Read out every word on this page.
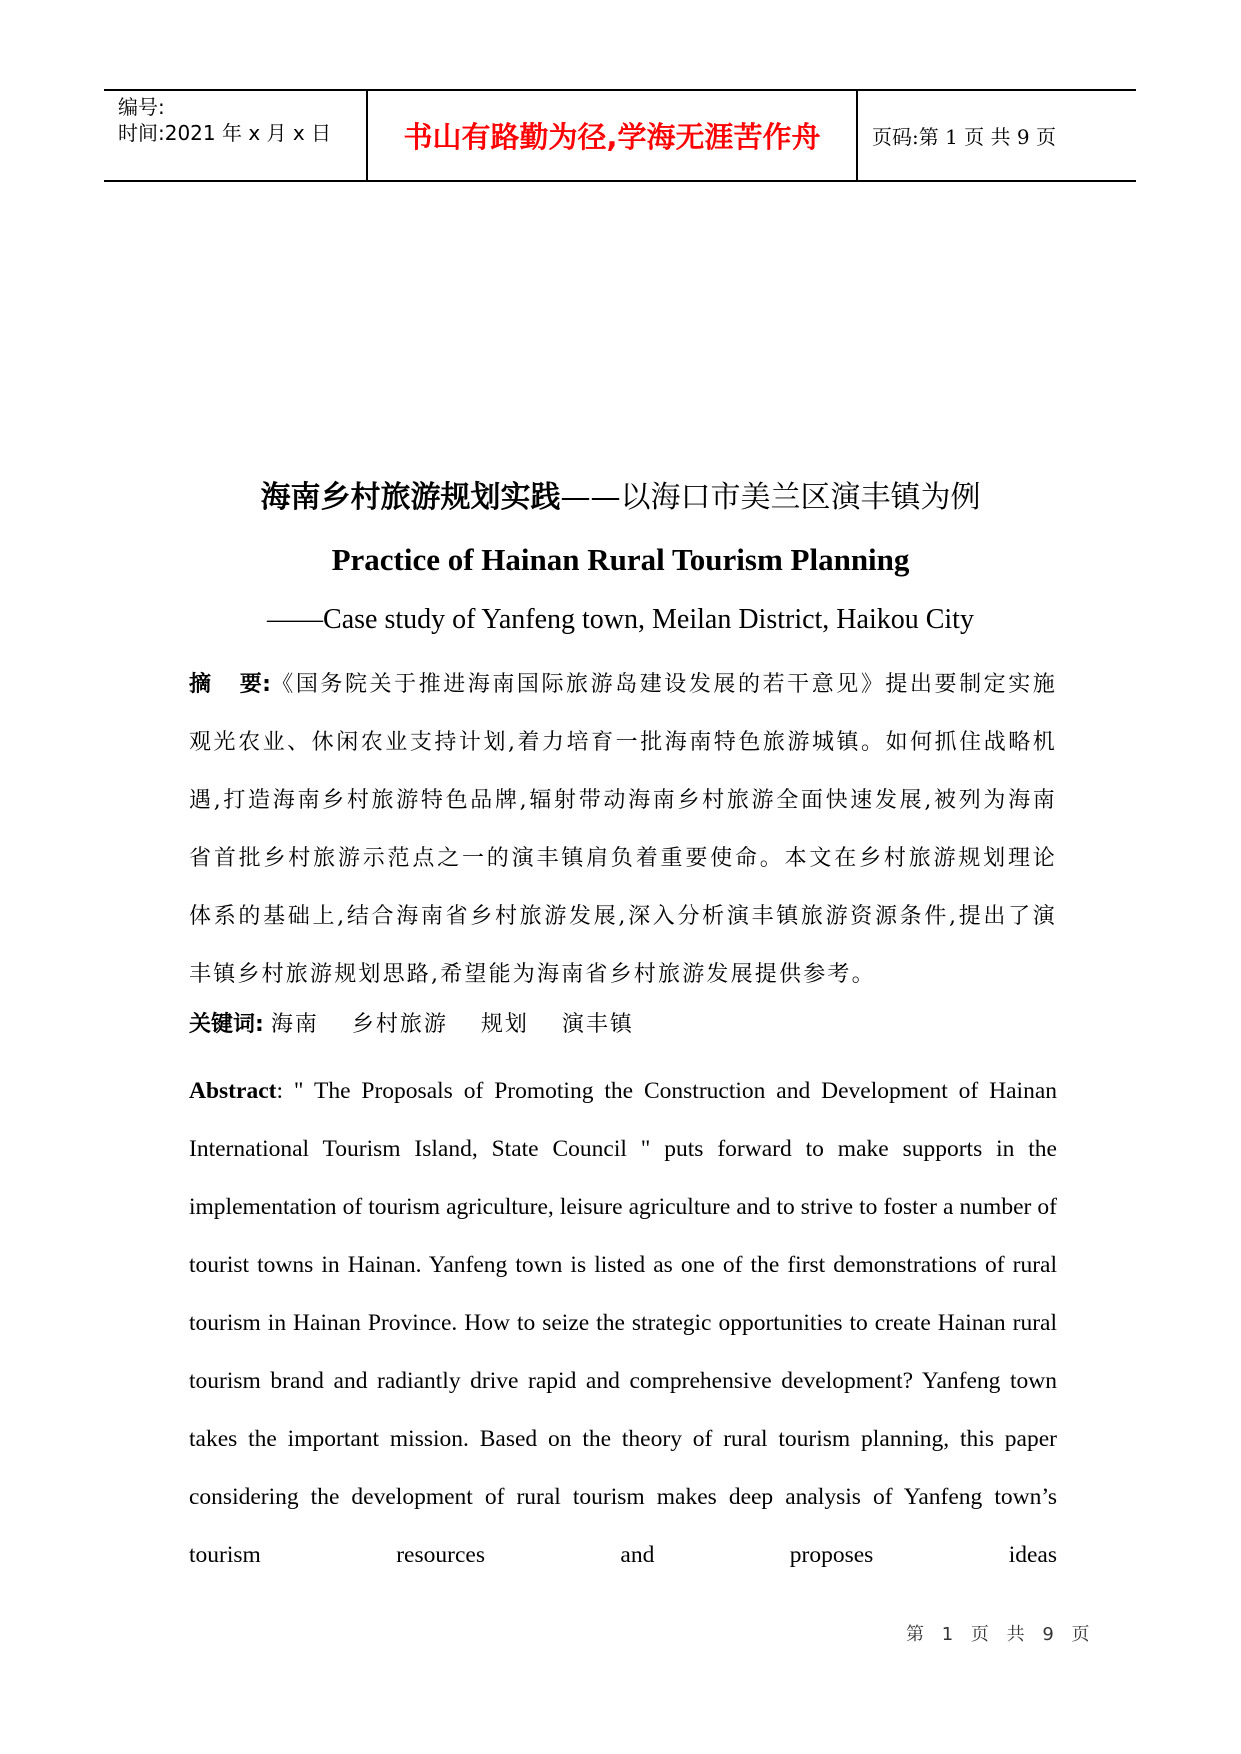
编号:
时间:2021 年 x 月 x 日 书山有路勤为径,学海无涯苦作舟	页码:第 1 页 共 9 页
海南乡村旅游规划实践——以海口市美兰区演丰镇为例
Practice of Hainan Rural Tourism Planning
——Case study of Yanfeng town, Meilan District, Haikou City
摘 要:《国务院关于推进海南国际旅游岛建设发展的若干意见》提出要制定实施观光农业、休闲农业支持计划,着力培育一批海南特色旅游城镇。如何抓住战略机遇,打造海南乡村旅游特色品牌,辐射带动海南乡村旅游全面快速发展,被列为海南省首批乡村旅游示范点之一的演丰镇肩负着重要使命。本文在乡村旅游规划理论体系的基础上,结合海南省乡村旅游发展,深入分析演丰镇旅游资源条件,提出了演丰镇乡村旅游规划思路,希望能为海南省乡村旅游发展提供参考。
关键词: 海南 乡村旅游 规划 演丰镇
Abstract: " The Proposals of Promoting the Construction and Development of Hainan International Tourism Island, State Council " puts forward to make supports in the implementation of tourism agriculture, leisure agriculture and to strive to foster a number of tourist towns in Hainan. Yanfeng town is listed as one of the first demonstrations of rural tourism in Hainan Province. How to seize the strategic opportunities to create Hainan rural tourism brand and radiantly drive rapid and comprehensive development? Yanfeng town takes the important mission. Based on the theory of rural tourism planning, this paper considering the development of rural tourism makes deep analysis of Yanfeng town’s tourism resources and proposes ideas
第 1 页 共 9 页
